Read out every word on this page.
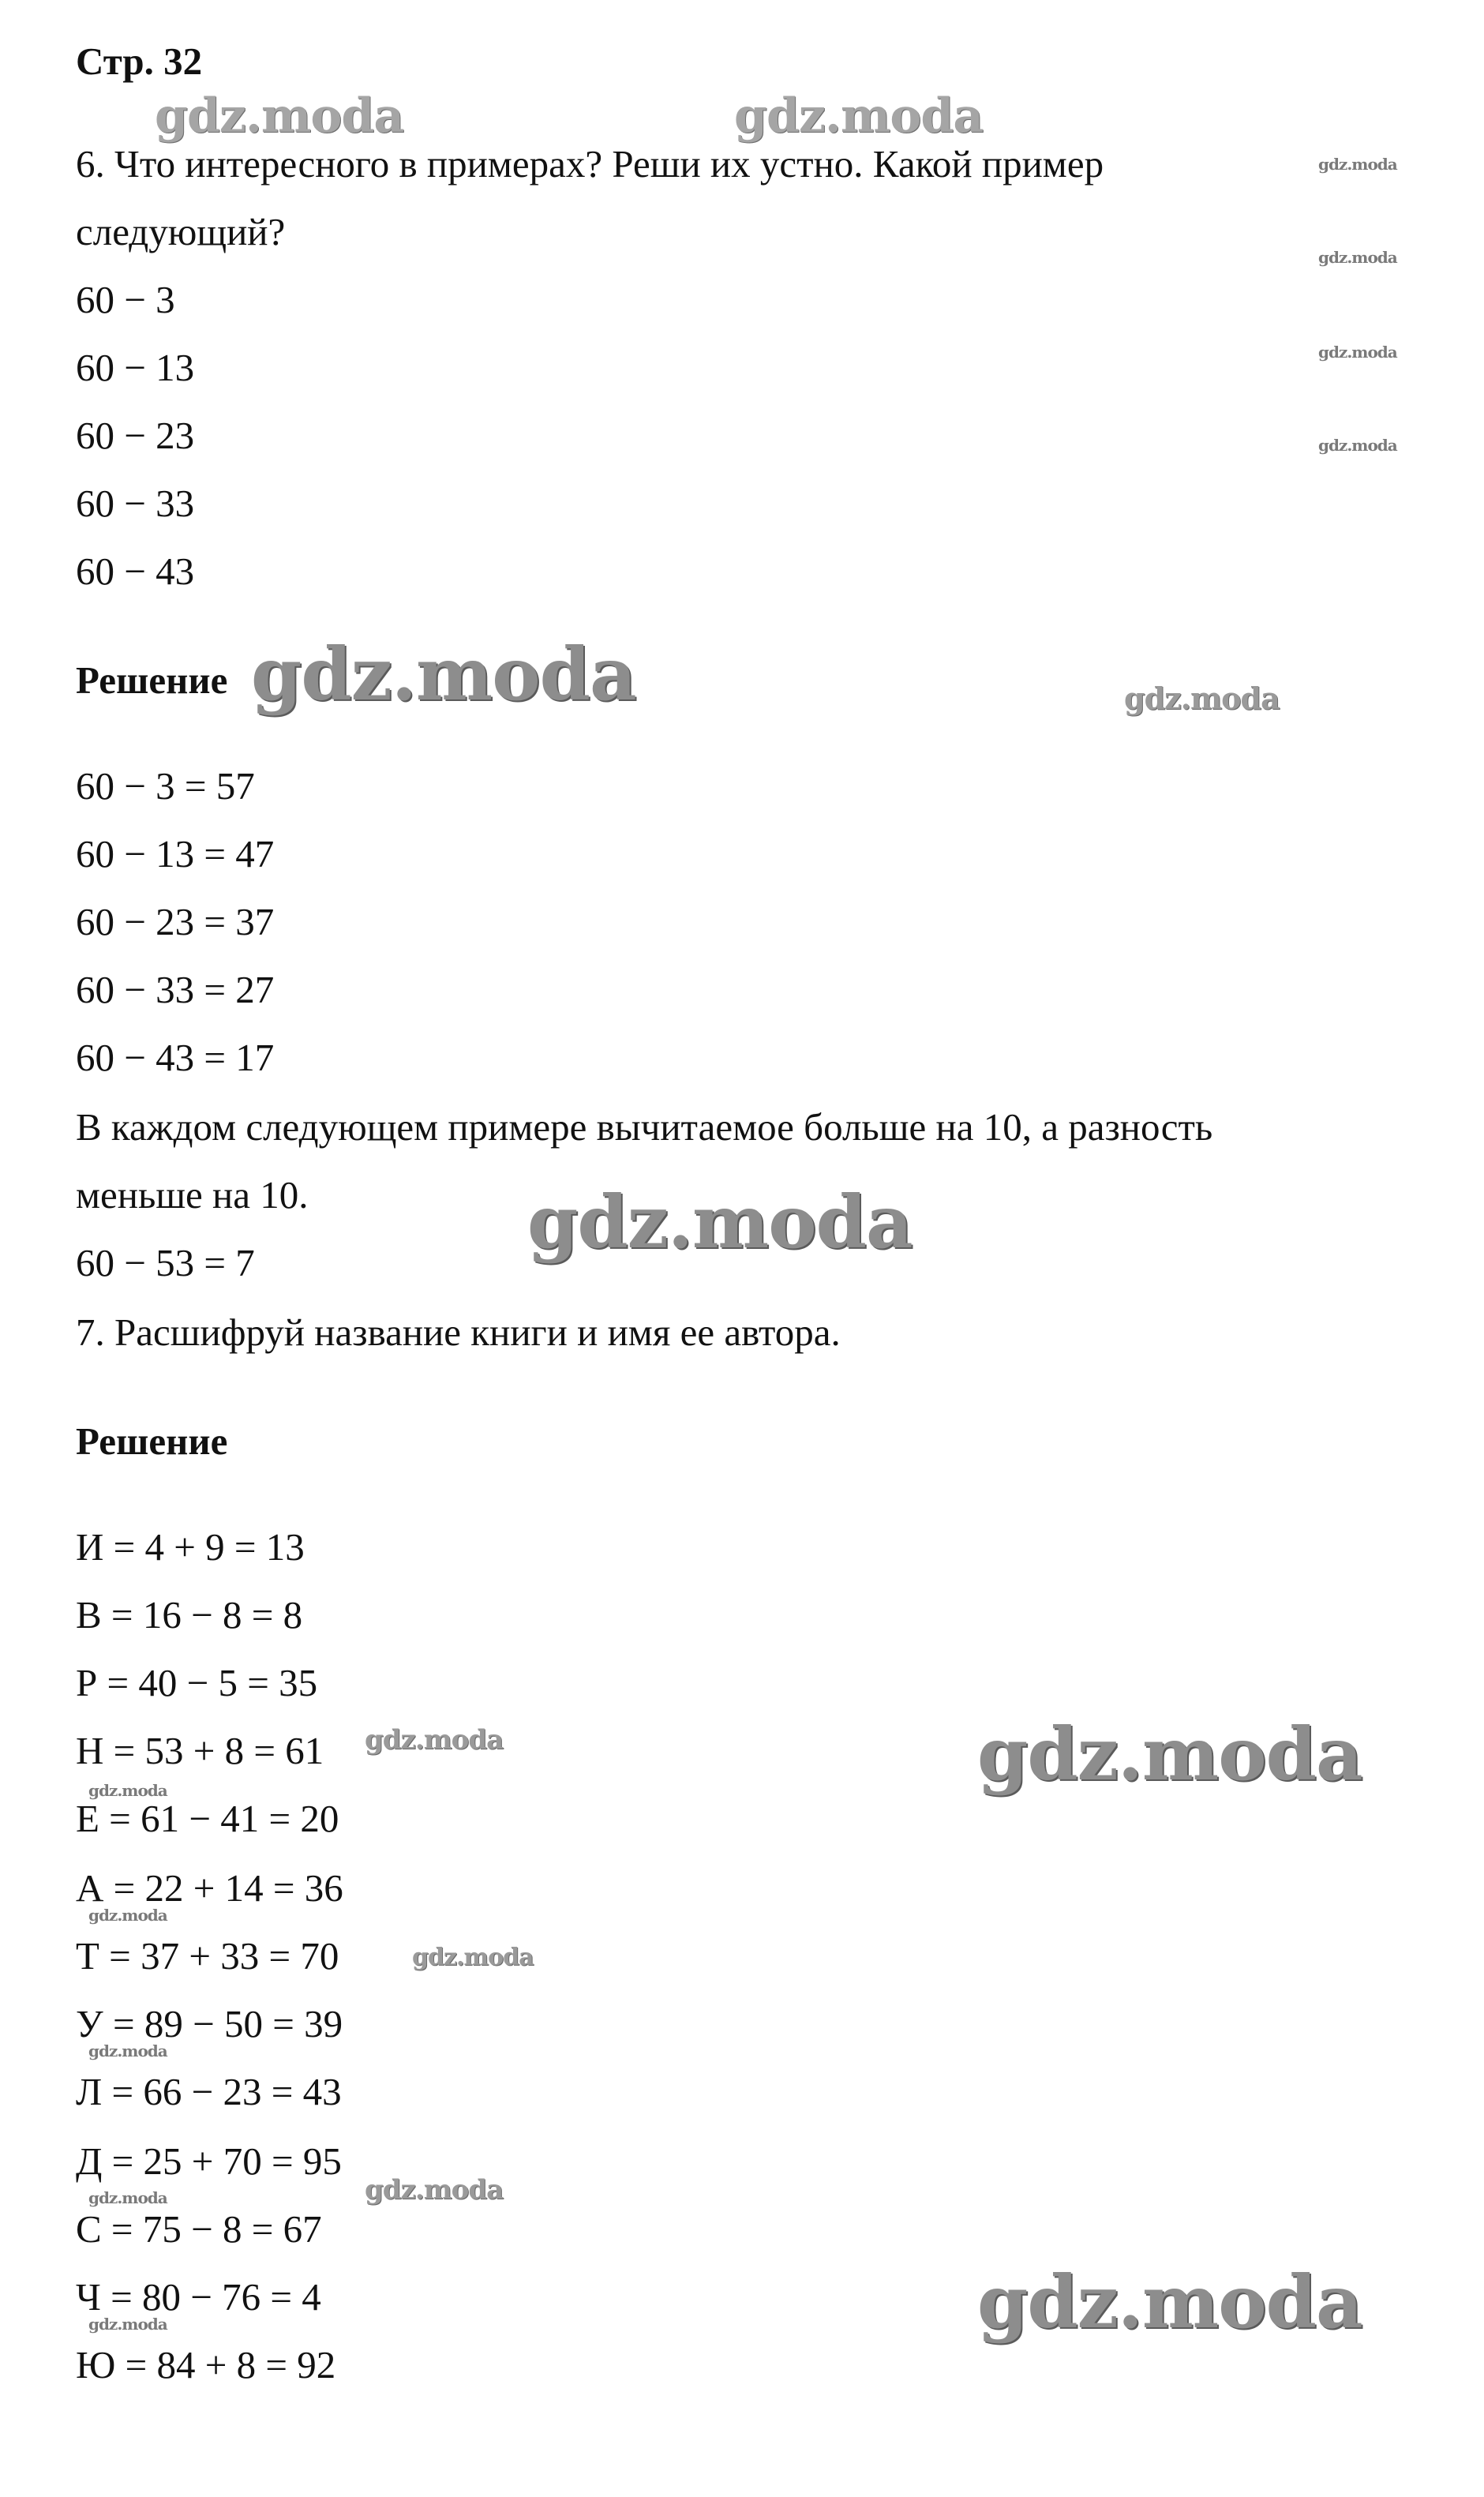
gdz.moda	gdz.moda
gdz.moda
gdz.moda
gdz.moda
gdz.moda
gdz.moda	gdz.moda
gdz.moda
gdz.moda
gdz.moda
gdz.moda
gdz.moda
gdz.moda
gdz.moda
gdz.moda	gdz.moda
gdz.moda
gdz.moda
Стр. 32
6. Что интересного в примерах? Реши их устно. Какой пример
следующий?
60 − 3
60 − 13
60 − 23
60 − 33
60 − 43
Решение
60 − 3 = 57
60 − 13 = 47
60 − 23 = 37
60 − 33 = 27
60 − 43 = 17
В каждом следующем примере вычитаемое больше на 10, а разность
меньше на 10.
60 − 53 = 7
7. Расшифруй название книги и имя ее автора.
Решение
И = 4 + 9 = 13
В = 16 − 8 = 8
Р = 40 − 5 = 35
Н = 53 + 8 = 61
Е = 61 − 41 = 20
А = 22 + 14 = 36
Т = 37 + 33 = 70
У = 89 − 50 = 39
Л = 66 − 23 = 43
Д = 25 + 70 = 95
С = 75 − 8 = 67
Ч = 80 − 76 = 4
Ю = 84 + 8 = 92
